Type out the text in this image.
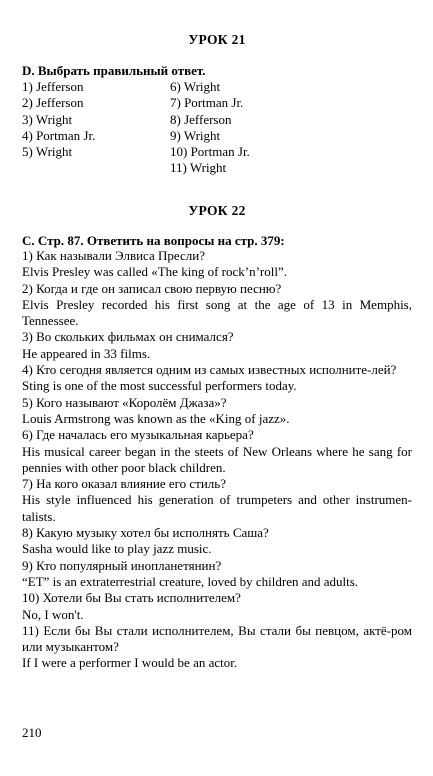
УРОК 21
D. Выбрать правильный ответ.
1) Jefferson
2) Jefferson
3) Wright
4) Portman Jr.
5) Wright
6) Wright
7) Portman Jr.
8) Jefferson
9) Wright
10) Portman Jr.
11) Wright
УРОК 22
C. Стр. 87. Ответить на вопросы на стр. 379:
1) Как называли Элвиса Пресли?
Elvis Presley was called «The king of rock’n’roll”.
2) Когда и где он записал свою первую песню?
Elvis Presley recorded his first song at the age of 13 in Memphis, Tennessee.
3) Во скольких фильмах он снимался?
He appeared in 33 films.
4) Кто сегодня является одним из самых известных исполните-лей?
Sting is one of the most successful performers today.
5) Кого называют «Королём Джаза»?
Louis Armstrong was known as the «King of jazz».
6) Где началась его музыкальная карьера?
His musical career began in the steets of New Orleans where he sang for pennies with other poor black children.
7) На кого оказал влияние его стиль?
His style influenced his generation of trumpeters and other instrumen-talists.
8) Какую музыку хотел бы исполнять Саша?
Sasha would like to play jazz music.
9) Кто популярный инопланетянин?
“ET” is an extraterrestrial creature, loved by children and adults.
10) Хотели бы Вы стать исполнителем?
No, I won't.
11) Если бы Вы стали исполнителем, Вы стали бы певцом, актё-ром или музыкантом?
If I were a performer I would be an actor.
210
